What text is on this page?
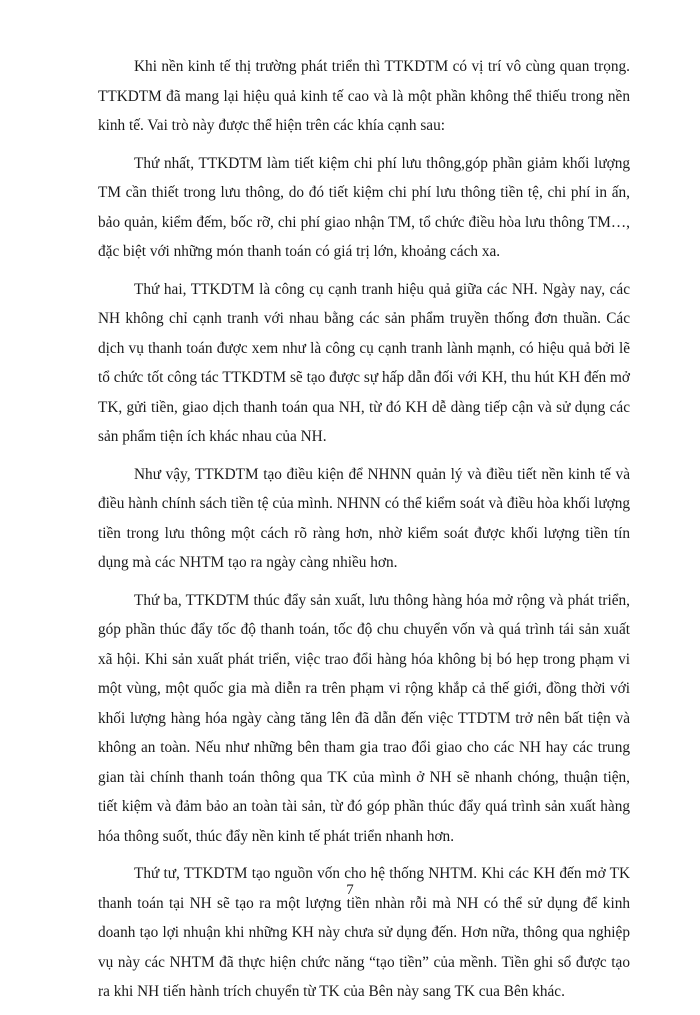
Khi nền kinh tế thị trường phát triển thì TTKDTM có vị trí vô cùng quan trọng. TTKDTM đã mang lại hiệu quả kinh tế cao và là một phần không thể thiếu trong nền kinh tế. Vai trò này được thể hiện trên các khía cạnh sau:

Thứ nhất, TTKDTM làm tiết kiệm chi phí lưu thông,góp phần giảm khối lượng TM cần thiết trong lưu thông, do đó tiết kiệm chi phí lưu thông tiền tệ, chi phí in ấn, bảo quản, kiểm đếm, bốc rỡ, chi phí giao nhận TM, tổ chức điều hòa lưu thông TM…, đặc biệt với những món thanh toán có giá trị lớn, khoảng cách xa.

Thứ hai, TTKDTM là công cụ cạnh tranh hiệu quả giữa các NH. Ngày nay, các NH không chỉ cạnh tranh với nhau bằng các sản phẩm truyền thống đơn thuần. Các dịch vụ thanh toán được xem như là công cụ cạnh tranh lành mạnh, có hiệu quả bởi lẽ tổ chức tốt công tác TTKDTM sẽ tạo được sự hấp dẫn đối với KH, thu hút KH đến mở TK, gửi tiền, giao dịch thanh toán qua NH, từ đó KH dễ dàng tiếp cận và sử dụng các sản phẩm tiện ích khác nhau của NH.

Như vậy, TTKDTM tạo điều kiện để NHNN quản lý và điều tiết nền kinh tế và điều hành chính sách tiền tệ của mình. NHNN có thể kiểm soát và điều hòa khối lượng tiền trong lưu thông một cách rõ ràng hơn, nhờ kiểm soát được khối lượng tiền tín dụng mà các NHTM tạo ra ngày càng nhiều hơn.

Thứ ba, TTKDTM thúc đẩy sản xuất, lưu thông hàng hóa mở rộng và phát triển, góp phần thúc đẩy tốc độ thanh toán, tốc độ chu chuyển vốn và quá trình tái sản xuất xã hội. Khi sản xuất phát triển, việc trao đổi hàng hóa không bị bó hẹp trong phạm vi một vùng, một quốc gia mà diễn ra trên phạm vi rộng khắp cả thế giới, đồng thời với khối lượng hàng hóa ngày càng tăng lên đã dẫn đến việc TTDTM trở nên bất tiện và không an toàn. Nếu như những bên tham gia trao đổi giao cho các NH hay các trung gian tài chính thanh toán thông qua TK của mình ở NH sẽ nhanh chóng, thuận tiện, tiết kiệm và đảm bảo an toàn tài sản, từ đó góp phần thúc đẩy quá trình sản xuất hàng hóa thông suốt, thúc đẩy nền kinh tế phát triển nhanh hơn.

Thứ tư, TTKDTM tạo nguồn vốn cho hệ thống NHTM. Khi các KH đến mở TK thanh toán tại NH sẽ tạo ra một lượng tiền nhàn rỗi mà NH có thể sử dụng để kinh doanh tạo lợi nhuận khi những KH này chưa sử dụng đến. Hơn nữa, thông qua nghiệp vụ này các NHTM đã thực hiện chức năng “tạo tiền” của mềnh. Tiền ghi sổ được tạo ra khi NH tiến hành trích chuyển từ TK của Bên này sang TK cua Bên khác.

7
